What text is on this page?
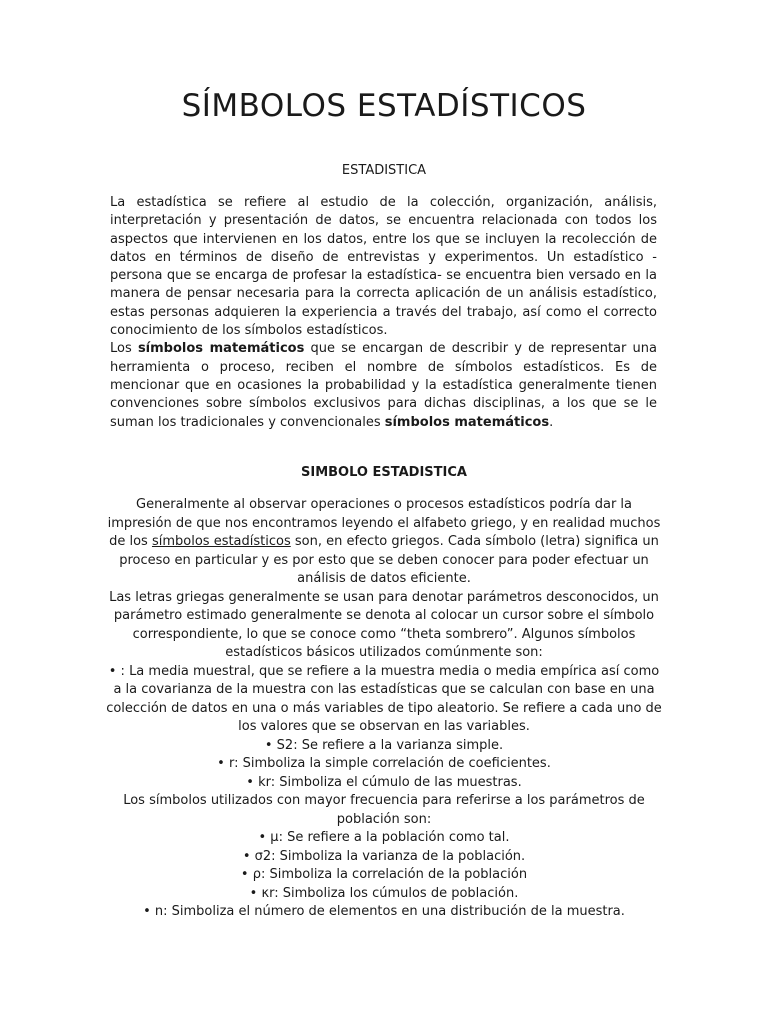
SÍMBOLOS ESTADÍSTICOS
ESTADISTICA

La estadística se refiere al estudio de la colección, organización, análisis, interpretación y presentación de datos, se encuentra relacionada con todos los aspectos que intervienen en los datos, entre los que se incluyen la recolección de datos en términos de diseño de entrevistas y experimentos. Un estadístico -persona que se encarga de profesar la estadística- se encuentra bien versado en la manera de pensar necesaria para la correcta aplicación de un análisis estadístico, estas personas adquieren la experiencia a través del trabajo, así como el correcto conocimiento de los símbolos estadísticos.

Los símbolos matemáticos que se encargan de describir y de representar una herramienta o proceso, reciben el nombre de símbolos estadísticos. Es de mencionar que en ocasiones la probabilidad y la estadística generalmente tienen convenciones sobre símbolos exclusivos para dichas disciplinas, a los que se le suman los tradicionales y convencionales símbolos matemáticos.

SIMBOLO ESTADISTICA

Generalmente al observar operaciones o procesos estadísticos podría dar la impresión de que nos encontramos leyendo el alfabeto griego, y en realidad muchos de los símbolos estadísticos son, en efecto griegos. Cada símbolo (letra) significa un proceso en particular y es por esto que se deben conocer para poder efectuar un análisis de datos eficiente.

Las letras griegas generalmente se usan para denotar parámetros desconocidos, un parámetro estimado generalmente se denota al colocar un cursor sobre el símbolo correspondiente, lo que se conoce como “theta sombrero”. Algunos símbolos estadísticos básicos utilizados comúnmente son:

• : La media muestral, que se refiere a la muestra media o media empírica así como a la covarianza de la muestra con las estadísticas que se calculan con base en una colección de datos en una o más variables de tipo aleatorio. Se refiere a cada uno de los valores que se observan en las variables.

• S2: Se refiere a la varianza simple.

• r: Simboliza la simple correlación de coeficientes.

• kr: Simboliza el cúmulo de las muestras.

Los símbolos utilizados con mayor frecuencia para referirse a los parámetros de población son:

• μ: Se refiere a la población como tal.

• σ2: Simboliza la varianza de la población.

• ρ: Simboliza la correlación de la población

• κr: Simboliza los cúmulos de población.

• n: Simboliza el número de elementos en una distribución de la muestra.
